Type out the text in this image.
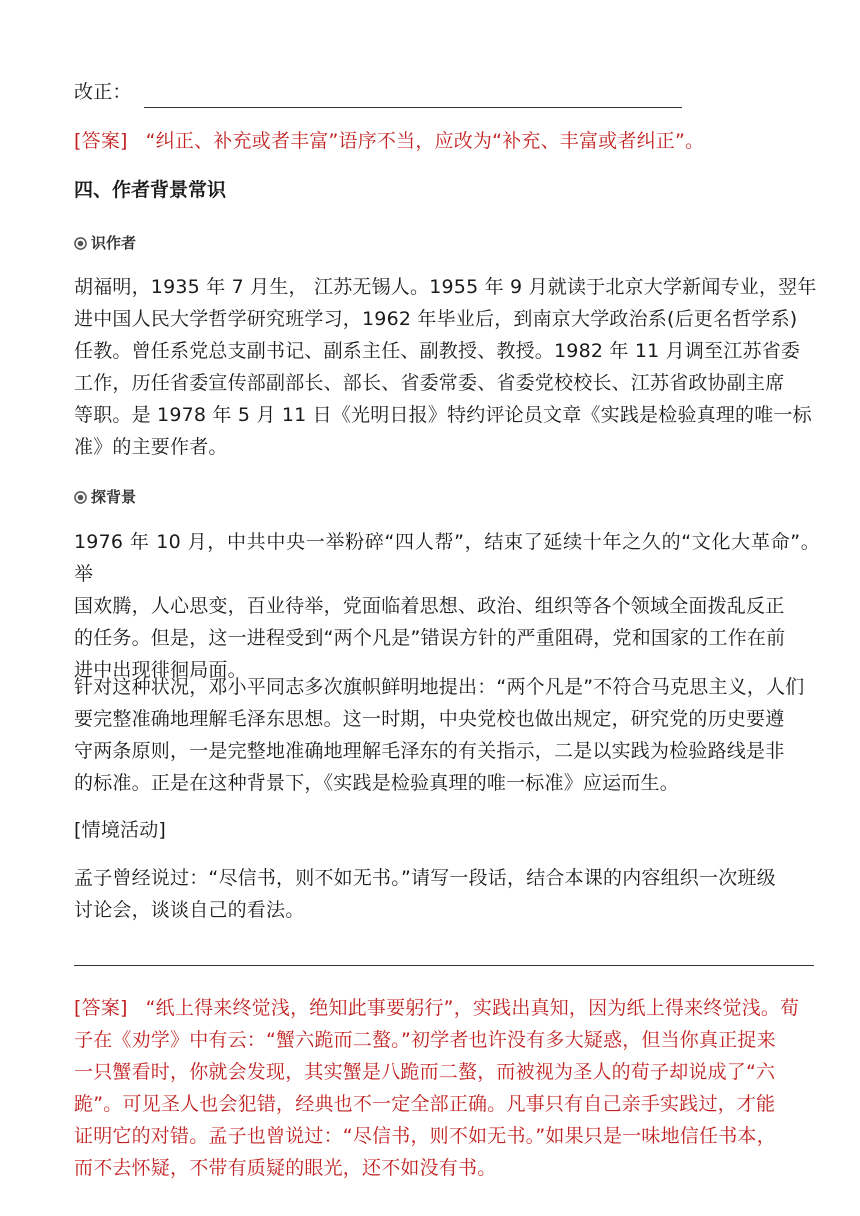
改正：

[答案] “纠正、补充或者丰富”语序不当，应改为“补充、丰富或者纠正”。

四、作者背景常识

识作者

胡福明，1935 年 7 月生， 江苏无锡人。1955 年 9 月就读于北京大学新闻专业，翌年

进中国人民大学哲学研究班学习，1962 年毕业后，到南京大学政治系(后更名哲学系)

任教。曾任系党总支副书记、副系主任、副教授、教授。1982 年 11 月调至江苏省委

工作，历任省委宣传部副部长、部长、省委常委、省委党校校长、江苏省政协副主席

等职。是 1978 年 5 月 11 日《光明日报》特约评论员文章《实践是检验真理的唯一标

准》的主要作者。

探背景

1976 年 10 月，中共中央一举粉碎“四人帮”，结束了延续十年之久的“文化大革命”。举

国欢腾，人心思变，百业待举，党面临着思想、政治、组织等各个领域全面拨乱反正

的任务。但是，这一进程受到“两个凡是”错误方针的严重阻碍，党和国家的工作在前

进中出现徘徊局面。

针对这种状况，邓小平同志多次旗帜鲜明地提出：“两个凡是”不符合马克思主义，人们

要完整准确地理解毛泽东思想。这一时期，中央党校也做出规定，研究党的历史要遵

守两条原则，一是完整地准确地理解毛泽东的有关指示，二是以实践为检验路线是非

的标准。正是在这种背景下，《实践是检验真理的唯一标准》应运而生。

[情境活动]

孟子曾经说过：“尽信书，则不如无书。”请写一段话，结合本课的内容组织一次班级

讨论会，谈谈自己的看法。

[答案] “纸上得来终觉浅，绝知此事要躬行”，实践出真知，因为纸上得来终觉浅。荀

子在《劝学》中有云：“蟹六跪而二螯。”初学者也许没有多大疑惑，但当你真正捉来

一只蟹看时，你就会发现，其实蟹是八跪而二螯，而被视为圣人的荀子却说成了“六

跪”。可见圣人也会犯错，经典也不一定全部正确。凡事只有自己亲手实践过，才能

证明它的对错。孟子也曾说过：“尽信书，则不如无书。”如果只是一味地信任书本，

而不去怀疑，不带有质疑的眼光，还不如没有书。
